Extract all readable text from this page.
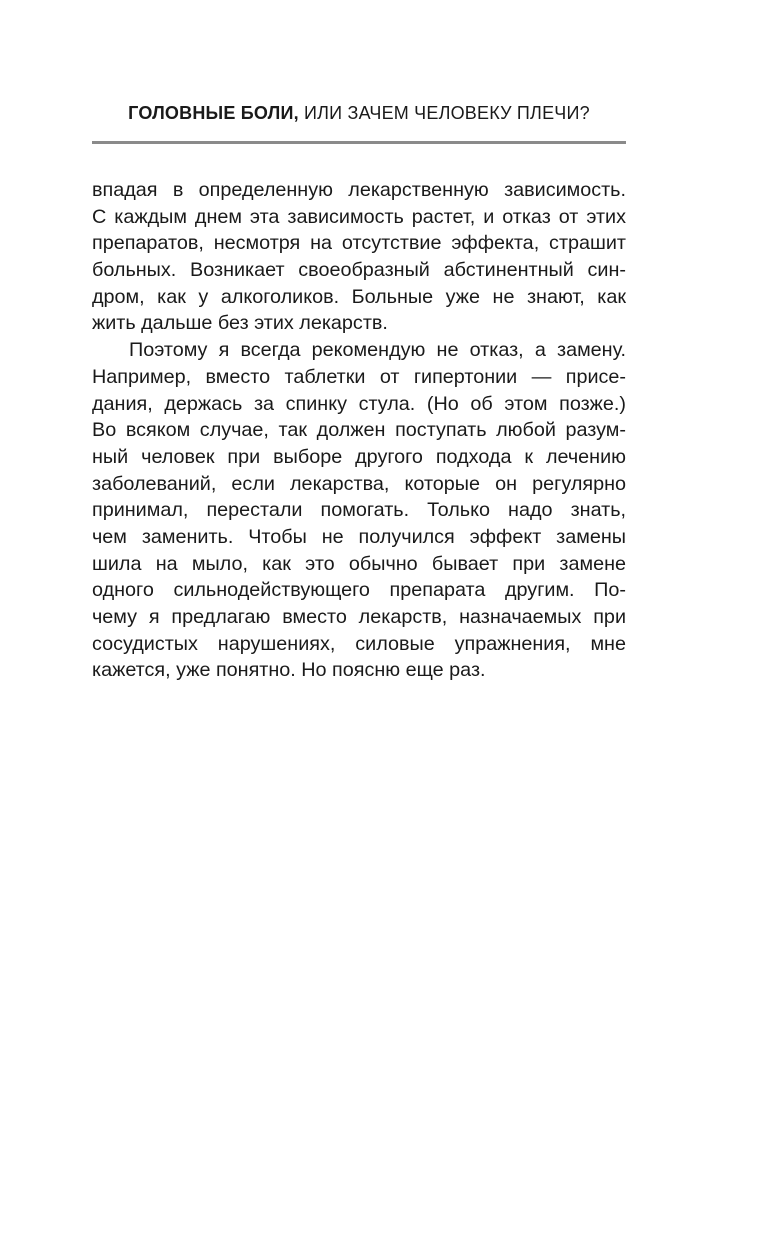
ГОЛОВНЫЕ БОЛИ, ИЛИ ЗАЧЕМ ЧЕЛОВЕКУ ПЛЕЧИ?
впадая в определенную лекарственную зависимость.
С каждым днем эта зависимость растет, и отказ от этих
препаратов, несмотря на отсутствие эффекта, страшит
больных. Возникает своеобразный абстинентный син-
дром, как у алкоголиков. Больные уже не знают, как
жить дальше без этих лекарств.
Поэтому я всегда рекомендую не отказ, а замену.
Например, вместо таблетки от гипертонии — присе-
дания, держась за спинку стула. (Но об этом позже.)
Во всяком случае, так должен поступать любой разум-
ный человек при выборе другого подхода к лечению
заболеваний, если лекарства, которые он регулярно
принимал, перестали помогать. Только надо знать,
чем заменить. Чтобы не получился эффект замены
шила на мыло, как это обычно бывает при замене
одного сильнодействующего препарата другим. По-
чему я предлагаю вместо лекарств, назначаемых при
сосудистых нарушениях, силовые упражнения, мне
кажется, уже понятно. Но поясню еще раз.
